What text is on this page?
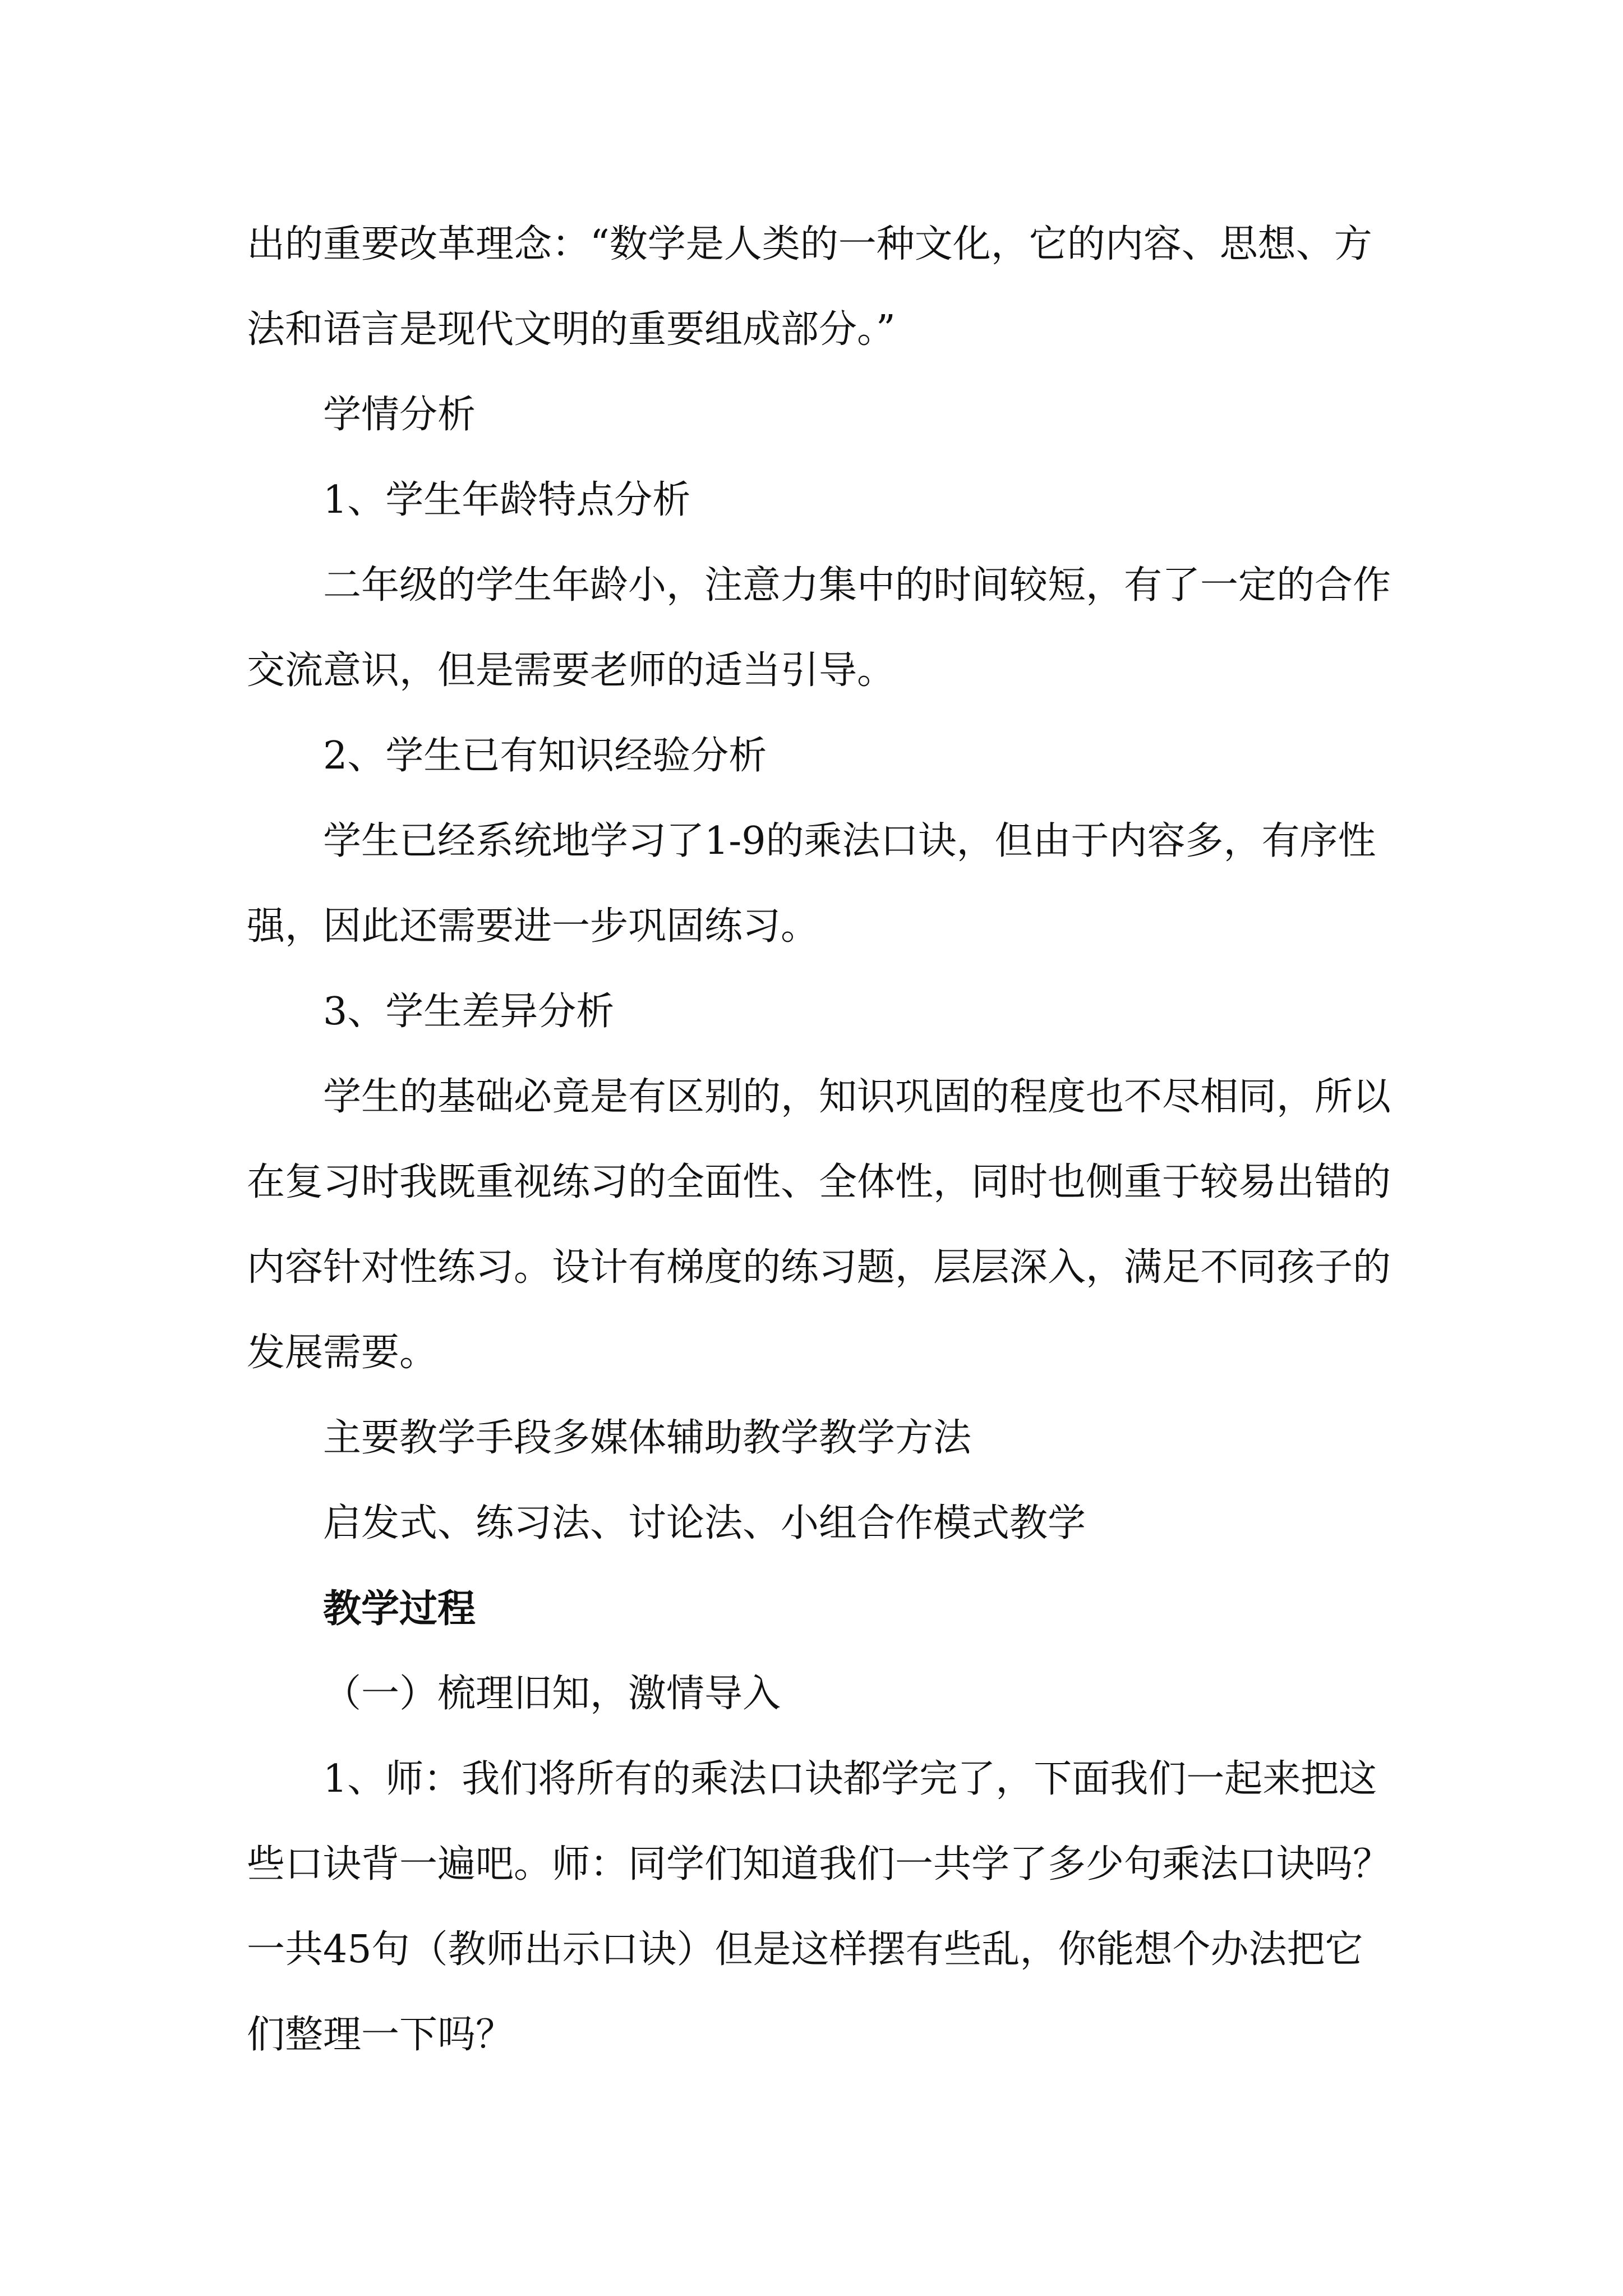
出的重要改革理念：“数学是人类的一种文化，它的内容、思想、方法和语言是现代文明的重要组成部分。”

学情分析

1、学生年龄特点分析

二年级的学生年龄小，注意力集中的时间较短，有了一定的合作交流意识，但是需要老师的适当引导。

2、学生已有知识经验分析

学生已经系统地学习了1-9的乘法口诀，但由于内容多，有序性强，因此还需要进一步巩固练习。

3、学生差异分析

学生的基础必竟是有区别的，知识巩固的程度也不尽相同，所以在复习时我既重视练习的全面性、全体性，同时也侧重于较易出错的内容针对性练习。设计有梯度的练习题，层层深入，满足不同孩子的发展需要。

主要教学手段多媒体辅助教学教学方法

启发式、练习法、讨论法、小组合作模式教学

教学过程

（一）梳理旧知，激情导入

1、师：我们将所有的乘法口诀都学完了，下面我们一起来把这些口诀背一遍吧。师：同学们知道我们一共学了多少句乘法口诀吗？一共45句（教师出示口诀）但是这样摆有些乱，你能想个办法把它们整理一下吗？
